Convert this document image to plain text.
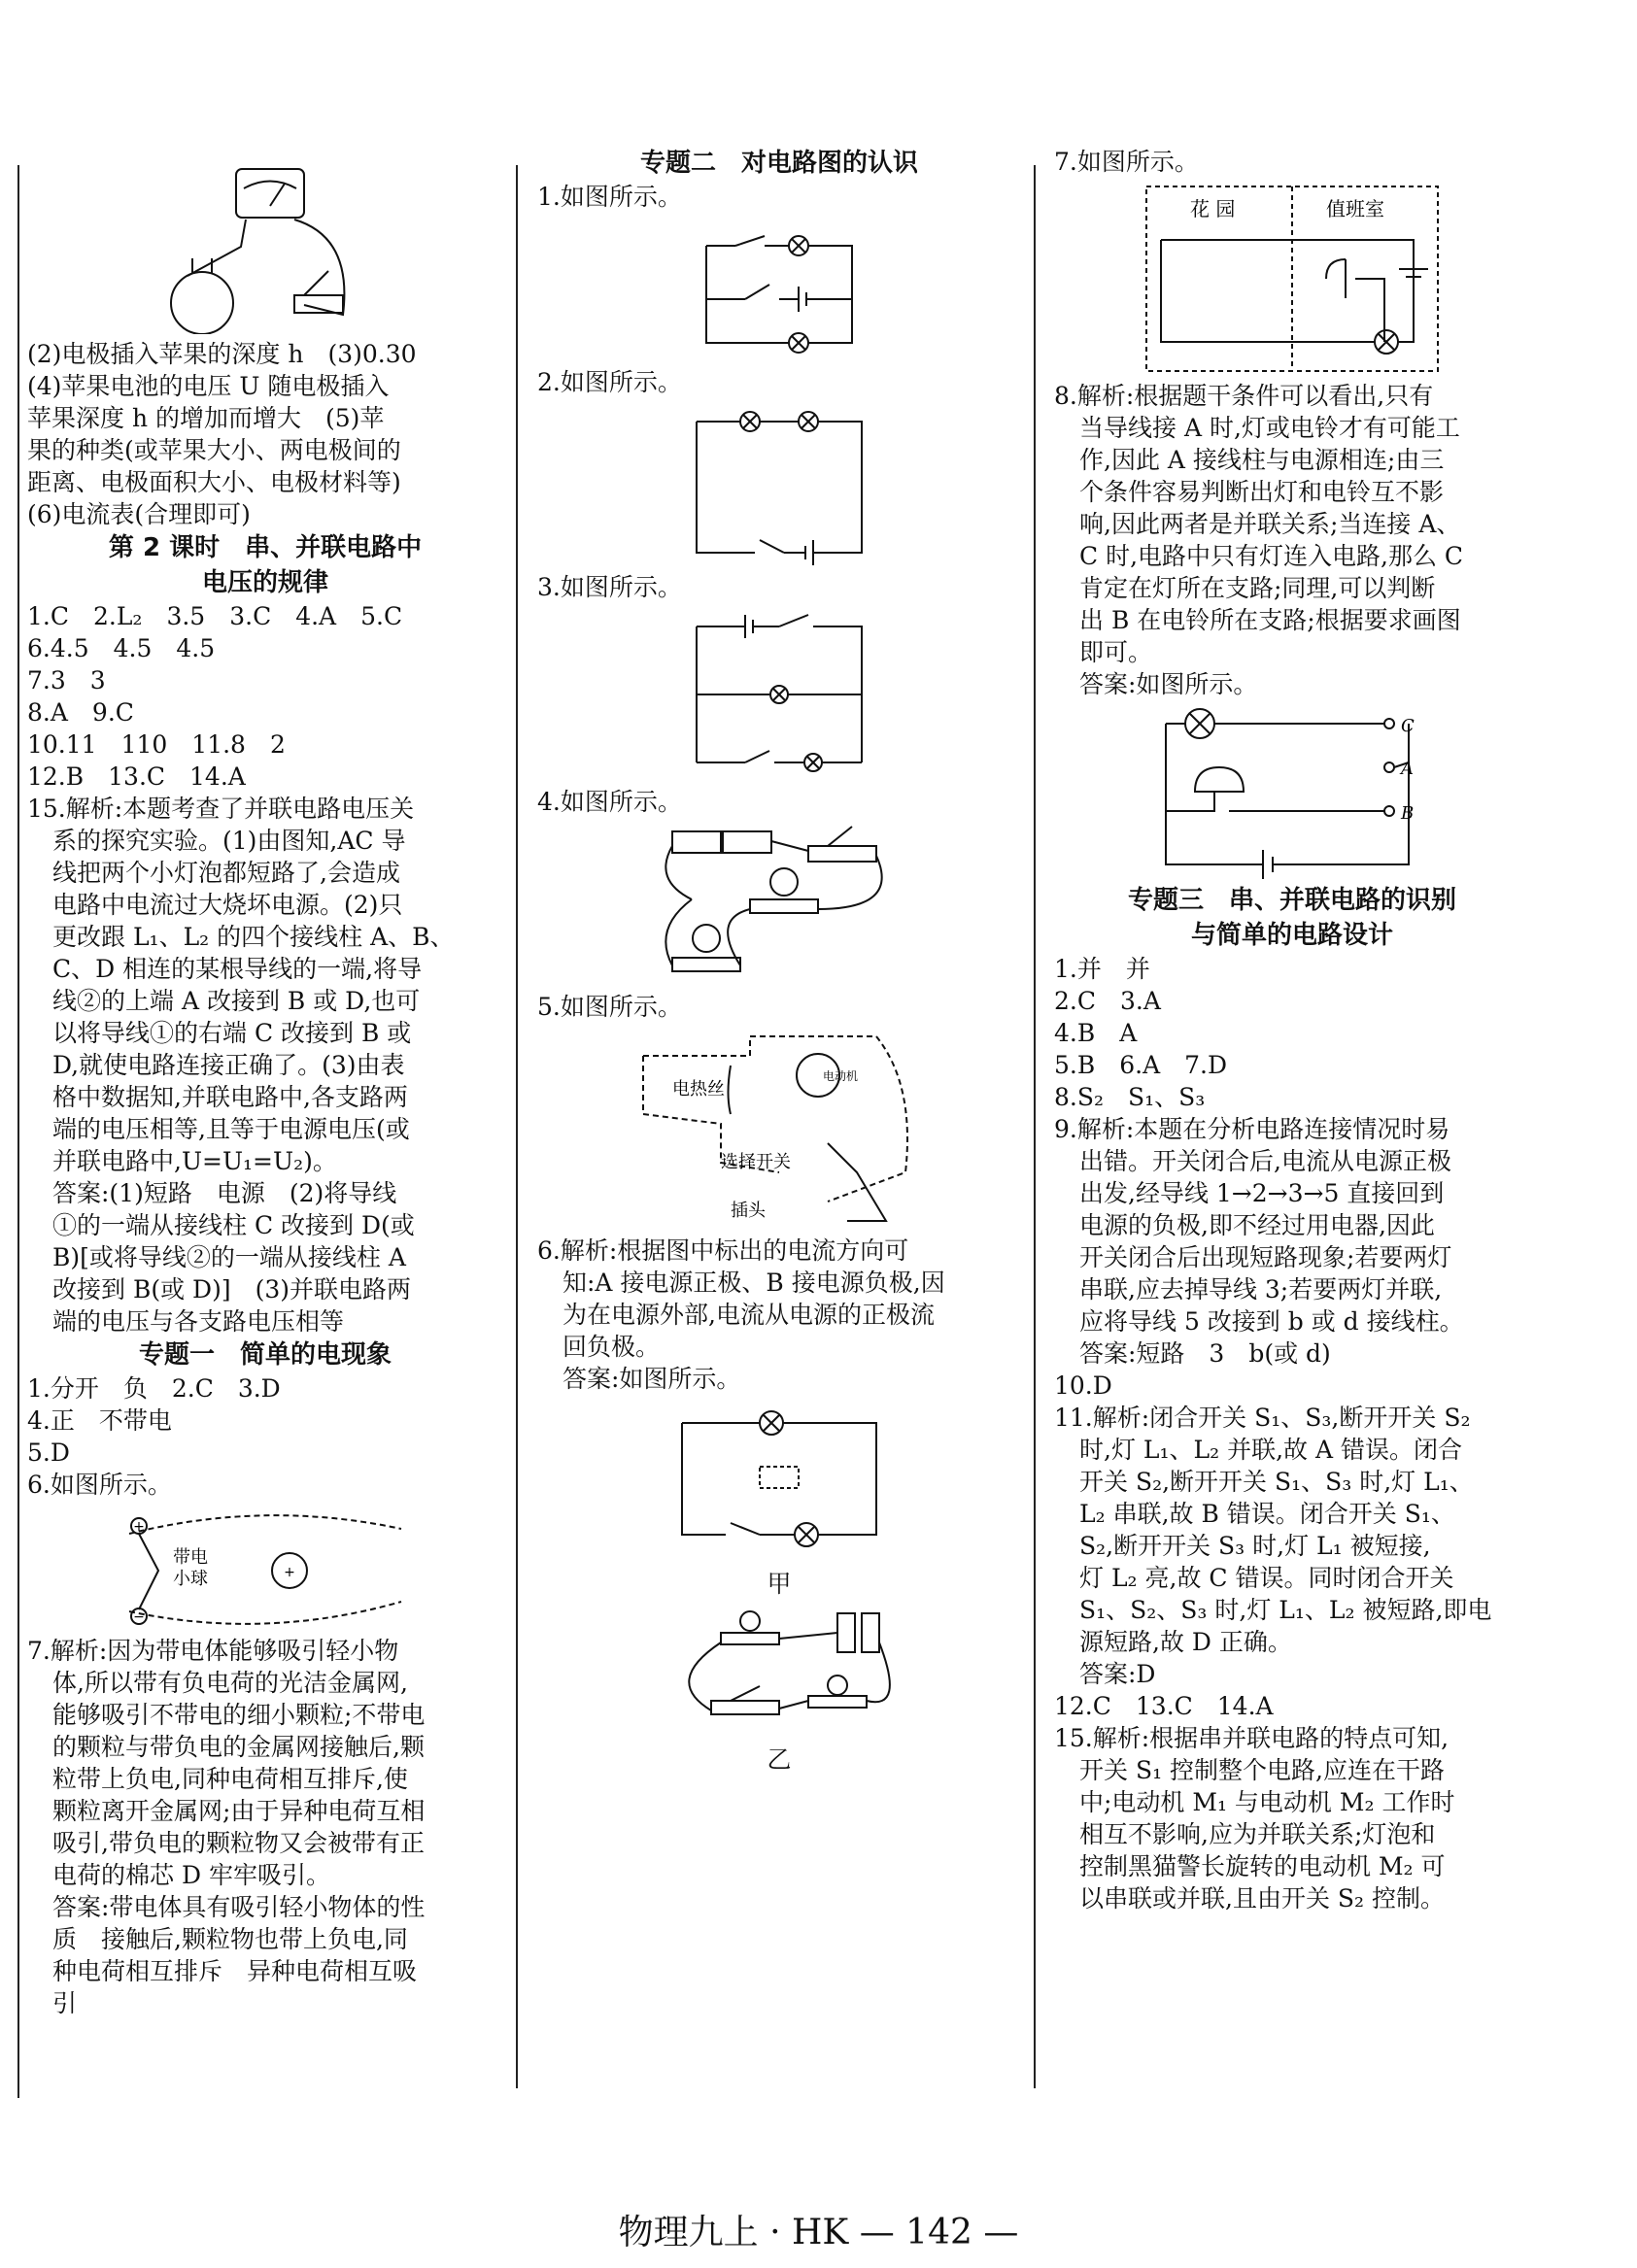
(2)电极插入苹果的深度 h　(3)0.30
(4)苹果电池的电压 U 随电极插入
苹果深度 h 的增加而增大　(5)苹
果的种类(或苹果大小、两电极间的
距离、电极面积大小、电极材料等)
(6)电流表(合理即可)
第 2 课时　串、并联电路中
电压的规律
1.C　2.L₂　3.5　3.C　4.A　5.C
6.4.5　4.5　4.5
7.3　3
8.A　9.C
10.11　110　11.8　2
12.B　13.C　14.A
15.解析:本题考查了并联电路电压关
系的探究实验。(1)由图知,AC 导
线把两个小灯泡都短路了,会造成
电路中电流过大烧坏电源。(2)只
更改跟 L₁、L₂ 的四个接线柱 A、B、
C、D 相连的某根导线的一端,将导
线②的上端 A 改接到 B 或 D,也可
以将导线①的右端 C 改接到 B 或
D,就使电路连接正确了。(3)由表
格中数据知,并联电路中,各支路两
端的电压相等,且等于电源电压(或
并联电路中,U=U₁=U₂)。
答案:(1)短路　电源　(2)将导线
①的一端从接线柱 C 改接到 D(或
B)[或将导线②的一端从接线柱 A
改接到 B(或 D)]　(3)并联电路两
端的电压与各支路电压相等
专题一　简单的电现象
1.分开　负　2.C　3.D
4.正　不带电
5.D
6.如图所示。
+
−
+
带电
小球
7.解析:因为带电体能够吸引轻小物
体,所以带有负电荷的光洁金属网,
能够吸引不带电的细小颗粒;不带电
的颗粒与带负电的金属网接触后,颗
粒带上负电,同种电荷相互排斥,使
颗粒离开金属网;由于异种电荷互相
吸引,带负电的颗粒物又会被带有正
电荷的棉芯 D 牢牢吸引。
答案:带电体具有吸引轻小物体的性
质　接触后,颗粒物也带上负电,同
种电荷相互排斥　异种电荷相互吸
引
专题二　对电路图的认识
1.如图所示。
2.如图所示。
3.如图所示。
4.如图所示。
5.如图所示。
电热丝
电动机
选择开关
插头
6.解析:根据图中标出的电流方向可
知:A 接电源正极、B 接电源负极,因
为在电源外部,电流从电源的正极流
回负极。
答案:如图所示。
甲
乙
7.如图所示。
花 园	值班室
8.解析:根据题干条件可以看出,只有
当导线接 A 时,灯或电铃才有可能工
作,因此 A 接线柱与电源相连;由三
个条件容易判断出灯和电铃互不影
响,因此两者是并联关系;当连接 A、
C 时,电路中只有灯连入电路,那么 C
肯定在灯所在支路;同理,可以判断
出 B 在电铃所在支路;根据要求画图
即可。
答案:如图所示。
C
A
B
专题三　串、并联电路的识别
与简单的电路设计
1.并　并
2.C　3.A
4.B　A
5.B　6.A　7.D
8.S₂　S₁、S₃
9.解析:本题在分析电路连接情况时易
出错。开关闭合后,电流从电源正极
出发,经导线 1→2→3→5 直接回到
电源的负极,即不经过用电器,因此
开关闭合后出现短路现象;若要两灯
串联,应去掉导线 3;若要两灯并联,
应将导线 5 改接到 b 或 d 接线柱。
答案:短路　3　b(或 d)
10.D
11.解析:闭合开关 S₁、S₃,断开开关 S₂
时,灯 L₁、L₂ 并联,故 A 错误。闭合
开关 S₂,断开开关 S₁、S₃ 时,灯 L₁、
L₂ 串联,故 B 错误。闭合开关 S₁、
S₂,断开开关 S₃ 时,灯 L₁ 被短接,
灯 L₂ 亮,故 C 错误。同时闭合开关
S₁、S₂、S₃ 时,灯 L₁、L₂ 被短路,即电
源短路,故 D 正确。
答案:D
12.C　13.C　14.A
15.解析:根据串并联电路的特点可知,
开关 S₁ 控制整个电路,应连在干路
中;电动机 M₁ 与电动机 M₂ 工作时
相互不影响,应为并联关系;灯泡和
控制黑猫警长旋转的电动机 M₂ 可
以串联或并联,且由开关 S₂ 控制。
物理九上 · HK — 142 —
